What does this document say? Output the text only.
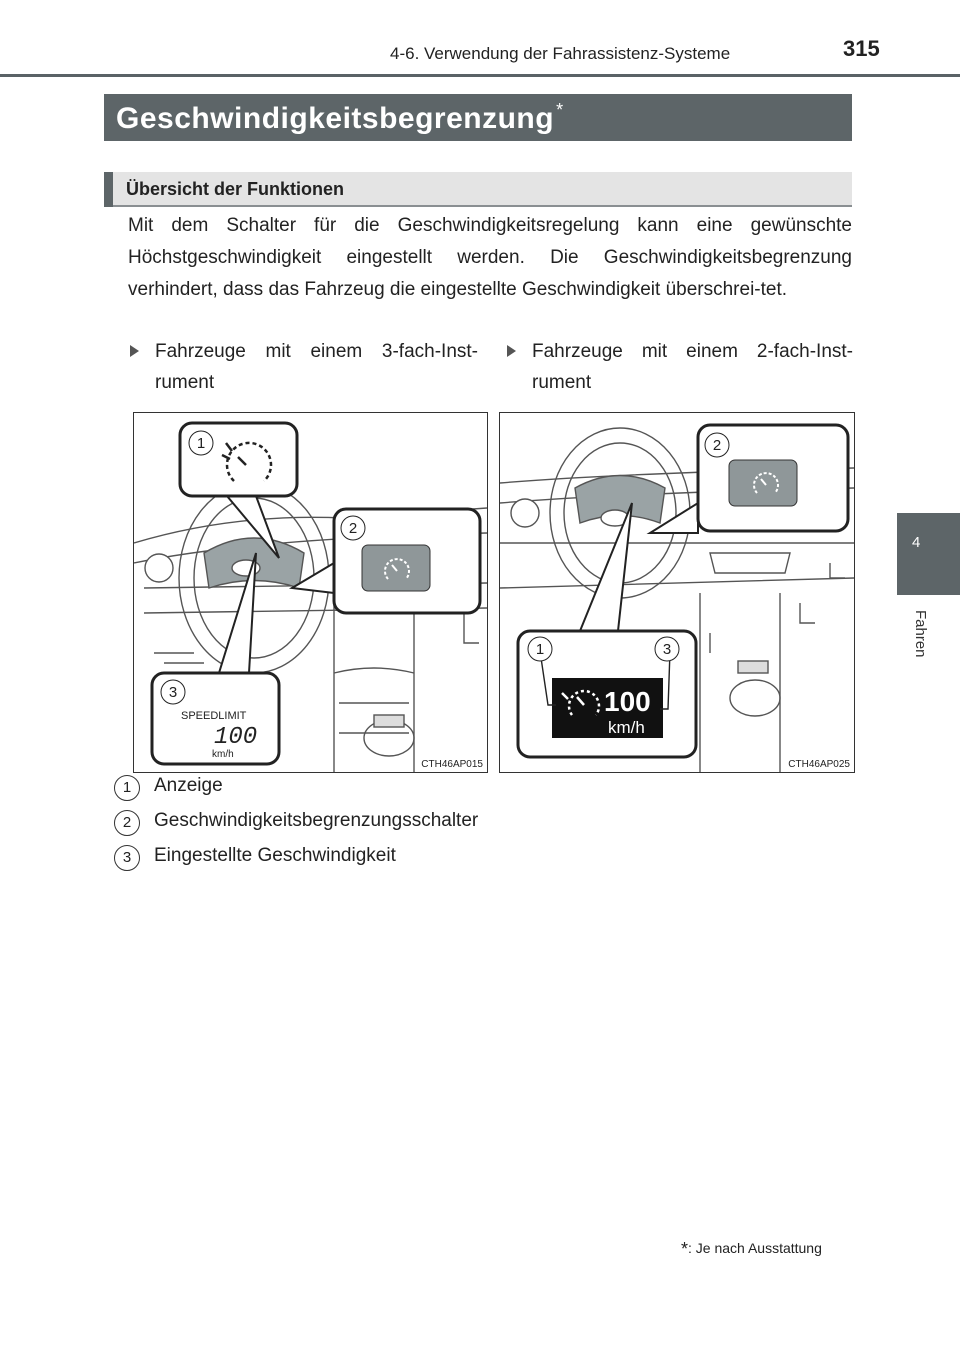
4-6. Verwendung der Fahrassistenz-Systeme	315
4
Fahren
Geschwindigkeitsbegrenzung *
Übersicht der Funktionen

Mit dem Schalter für die Geschwindigkeitsregelung kann eine gewünschte Höchstgeschwindigkeit eingestellt werden. Die Geschwindigkeitsbegrenzung verhindert, dass das Fahrzeug die eingestellte Geschwindigkeit überschrei-tet.

Fahrzeuge mit einem 3-fach-Inst-rument
Fahrzeuge mit einem 2-fach-Inst-rument
1
2
3
SPEEDLIMIT
100
km/h
CTH46AP015
2
1	3
100
km/h
CTH46AP025
1	Anzeige
2	Geschwindigkeitsbegrenzungsschalter
3	Eingestellte Geschwindigkeit
*: Je nach Ausstattung
